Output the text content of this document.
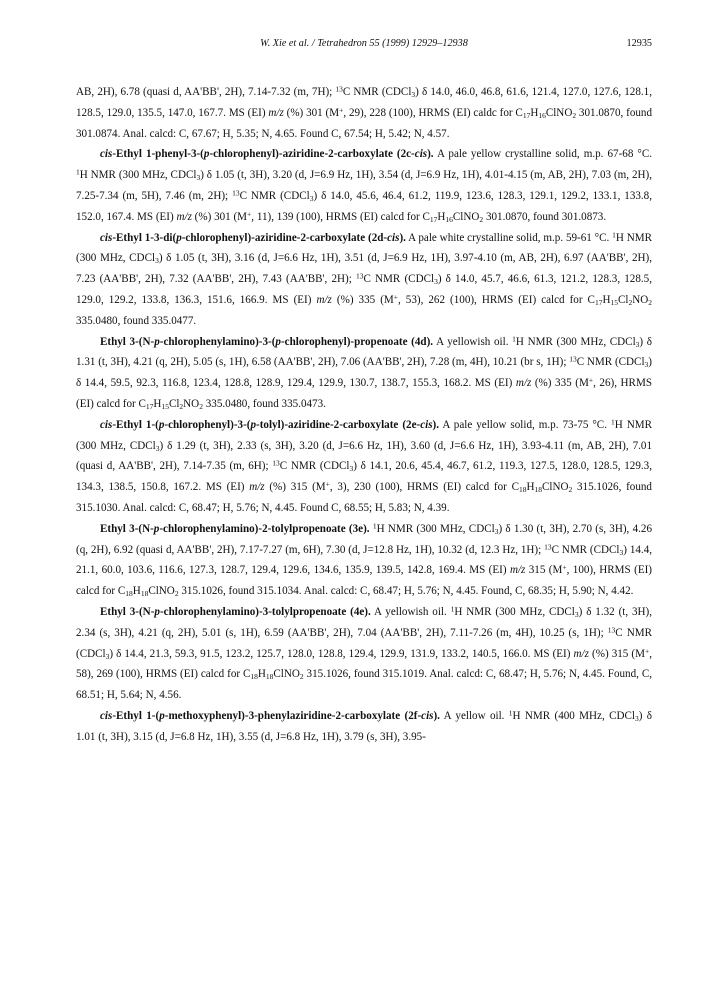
W. Xie et al. / Tetrahedron 55 (1999) 12929–12938	12935

AB, 2H), 6.78 (quasi d, AA'BB', 2H), 7.14-7.32 (m, 7H); $^{13}$C NMR (CDCl$_3$) δ 14.0, 46.0, 46.8, 61.6, 121.4, 127.0, 127.6, 128.1, 128.5, 129.0, 135.5, 147.0, 167.7. MS (EI) m/z (%) 301 (M+, 29), 228 (100), HRMS (EI) caldc for $C_{17}H_{16}ClNO_2$ 301.0870, found 301.0874. Anal. calcd: C, 67.67; H, 5.35; N, 4.65. Found C, 67.54; H, 5.42; N, 4.57.

cis-Ethyl 1-phenyl-3-(p-chlorophenyl)-aziridine-2-carboxylate (2c-cis). A pale yellow crystalline solid, m.p. 67-68 °C. $^1$H NMR (300 MHz, CDCl$_3$) δ 1.05 (t, 3H), 3.20 (d, J=6.9 Hz, 1H), 3.54 (d, J=6.9 Hz, 1H), 4.01-4.15 (m, AB, 2H), 7.03 (m, 2H), 7.25-7.34 (m, 5H), 7.46 (m, 2H); $^{13}$C NMR (CDCl$_3$) δ 14.0, 45.6, 46.4, 61.2, 119.9, 123.6, 128.3, 129.1, 129.2, 133.1, 133.8, 152.0, 167.4. MS (EI) m/z (%) 301 (M+, 11), 139 (100), HRMS (EI) calcd for $C_{17}H_{16}ClNO_2$ 301.0870, found 301.0873.

cis-Ethyl 1-3-di(p-chlorophenyl)-aziridine-2-carboxylate (2d-cis). A pale white crystalline solid, m.p. 59-61 °C. $^1$H NMR (300 MHz, CDCl$_3$) δ 1.05 (t, 3H), 3.16 (d, J=6.6 Hz, 1H), 3.51 (d, J=6.9 Hz, 1H), 3.97-4.10 (m, AB, 2H), 6.97 (AA'BB', 2H), 7.23 (AA'BB', 2H), 7.32 (AA'BB', 2H), 7.43 (AA'BB', 2H); $^{13}$C NMR (CDCl$_3$) δ 14.0, 45.7, 46.6, 61.3, 121.2, 128.3, 128.5, 129.0, 129.2, 133.8, 136.3, 151.6, 166.9. MS (EI) m/z (%) 335 (M+, 53), 262 (100), HRMS (EI) calcd for $C_{17}H_{15}Cl_2NO_2$ 335.0480, found 335.0477.

Ethyl 3-(N-p-chlorophenylamino)-3-(p-chlorophenyl)-propenoate (4d). A yellowish oil. $^1$H NMR (300 MHz, CDCl$_3$) δ 1.31 (t, 3H), 4.21 (q, 2H), 5.05 (s, 1H), 6.58 (AA'BB', 2H), 7.06 (AA'BB', 2H), 7.28 (m, 4H), 10.21 (br s, 1H); $^{13}$C NMR (CDCl$_3$) δ 14.4, 59.5, 92.3, 116.8, 123.4, 128.8, 128.9, 129.4, 129.9, 130.7, 138.7, 155.3, 168.2. MS (EI) m/z (%) 335 (M+, 26), HRMS (EI) calcd for $C_{17}H_{15}Cl_2NO_2$ 335.0480, found 335.0473.

cis-Ethyl 1-(p-chlorophenyl)-3-(p-tolyl)-aziridine-2-carboxylate (2e-cis). A pale yellow solid, m.p. 73-75 °C. $^1$H NMR (300 MHz, CDCl$_3$) δ 1.29 (t, 3H), 2.33 (s, 3H), 3.20 (d, J=6.6 Hz, 1H), 3.60 (d, J=6.6 Hz, 1H), 3.93-4.11 (m, AB, 2H), 7.01 (quasi d, AA'BB', 2H), 7.14-7.35 (m, 6H); $^{13}$C NMR (CDCl$_3$) δ 14.1, 20.6, 45.4, 46.7, 61.2, 119.3, 127.5, 128.0, 128.5, 129.3, 134.3, 138.5, 150.8, 167.2. MS (EI) m/z (%) 315 (M+, 3), 230 (100), HRMS (EI) calcd for $C_{18}H_{18}ClNO_2$ 315.1026, found 315.1030. Anal. calcd: C, 68.47; H, 5.76; N, 4.45. Found C, 68.55; H, 5.83; N, 4.39.

Ethyl 3-(N-p-chlorophenylamino)-2-tolylpropenoate (3e). $^1$H NMR (300 MHz, CDCl$_3$) δ 1.30 (t, 3H), 2.70 (s, 3H), 4.26 (q, 2H), 6.92 (quasi d, AA'BB', 2H), 7.17-7.27 (m, 6H), 7.30 (d, J=12.8 Hz, 1H), 10.32 (d, 12.3 Hz, 1H); $^{13}$C NMR (CDCl$_3$) 14.4, 21.1, 60.0, 103.6, 116.6, 127.3, 128.7, 129.4, 129.6, 134.6, 135.9, 139.5, 142.8, 169.4. MS (EI) m/z 315 (M+, 100), HRMS (EI) calcd for $C_{18}H_{18}ClNO_2$ 315.1026, found 315.1034. Anal. calcd: C, 68.47; H, 5.76; N, 4.45. Found, C, 68.35; H, 5.90; N, 4.42.

Ethyl 3-(N-p-chlorophenylamino)-3-tolylpropenoate (4e). A yellowish oil. $^1$H NMR (300 MHz, CDCl$_3$) δ 1.32 (t, 3H), 2.34 (s, 3H), 4.21 (q, 2H), 5.01 (s, 1H), 6.59 (AA'BB', 2H), 7.04 (AA'BB', 2H), 7.11-7.26 (m, 4H), 10.25 (s, 1H); $^{13}$C NMR (CDCl$_3$) δ 14.4, 21.3, 59.3, 91.5, 123.2, 125.7, 128.0, 128.8, 129.4, 129.9, 131.9, 133.2, 140.5, 166.0. MS (EI) m/z (%) 315 (M+, 58), 269 (100), HRMS (EI) calcd for $C_{18}H_{18}ClNO_2$ 315.1026, found 315.1019. Anal. calcd: C, 68.47; H, 5.76; N, 4.45. Found, C, 68.51; H, 5.64; N, 4.56.

cis-Ethyl 1-(p-methoxyphenyl)-3-phenylaziridine-2-carboxylate (2f-cis). A yellow oil. $^1$H NMR (400 MHz, CDCl$_3$) δ 1.01 (t, 3H), 3.15 (d, J=6.8 Hz, 1H), 3.55 (d, J=6.8 Hz, 1H), 3.79 (s, 3H), 3.95-
